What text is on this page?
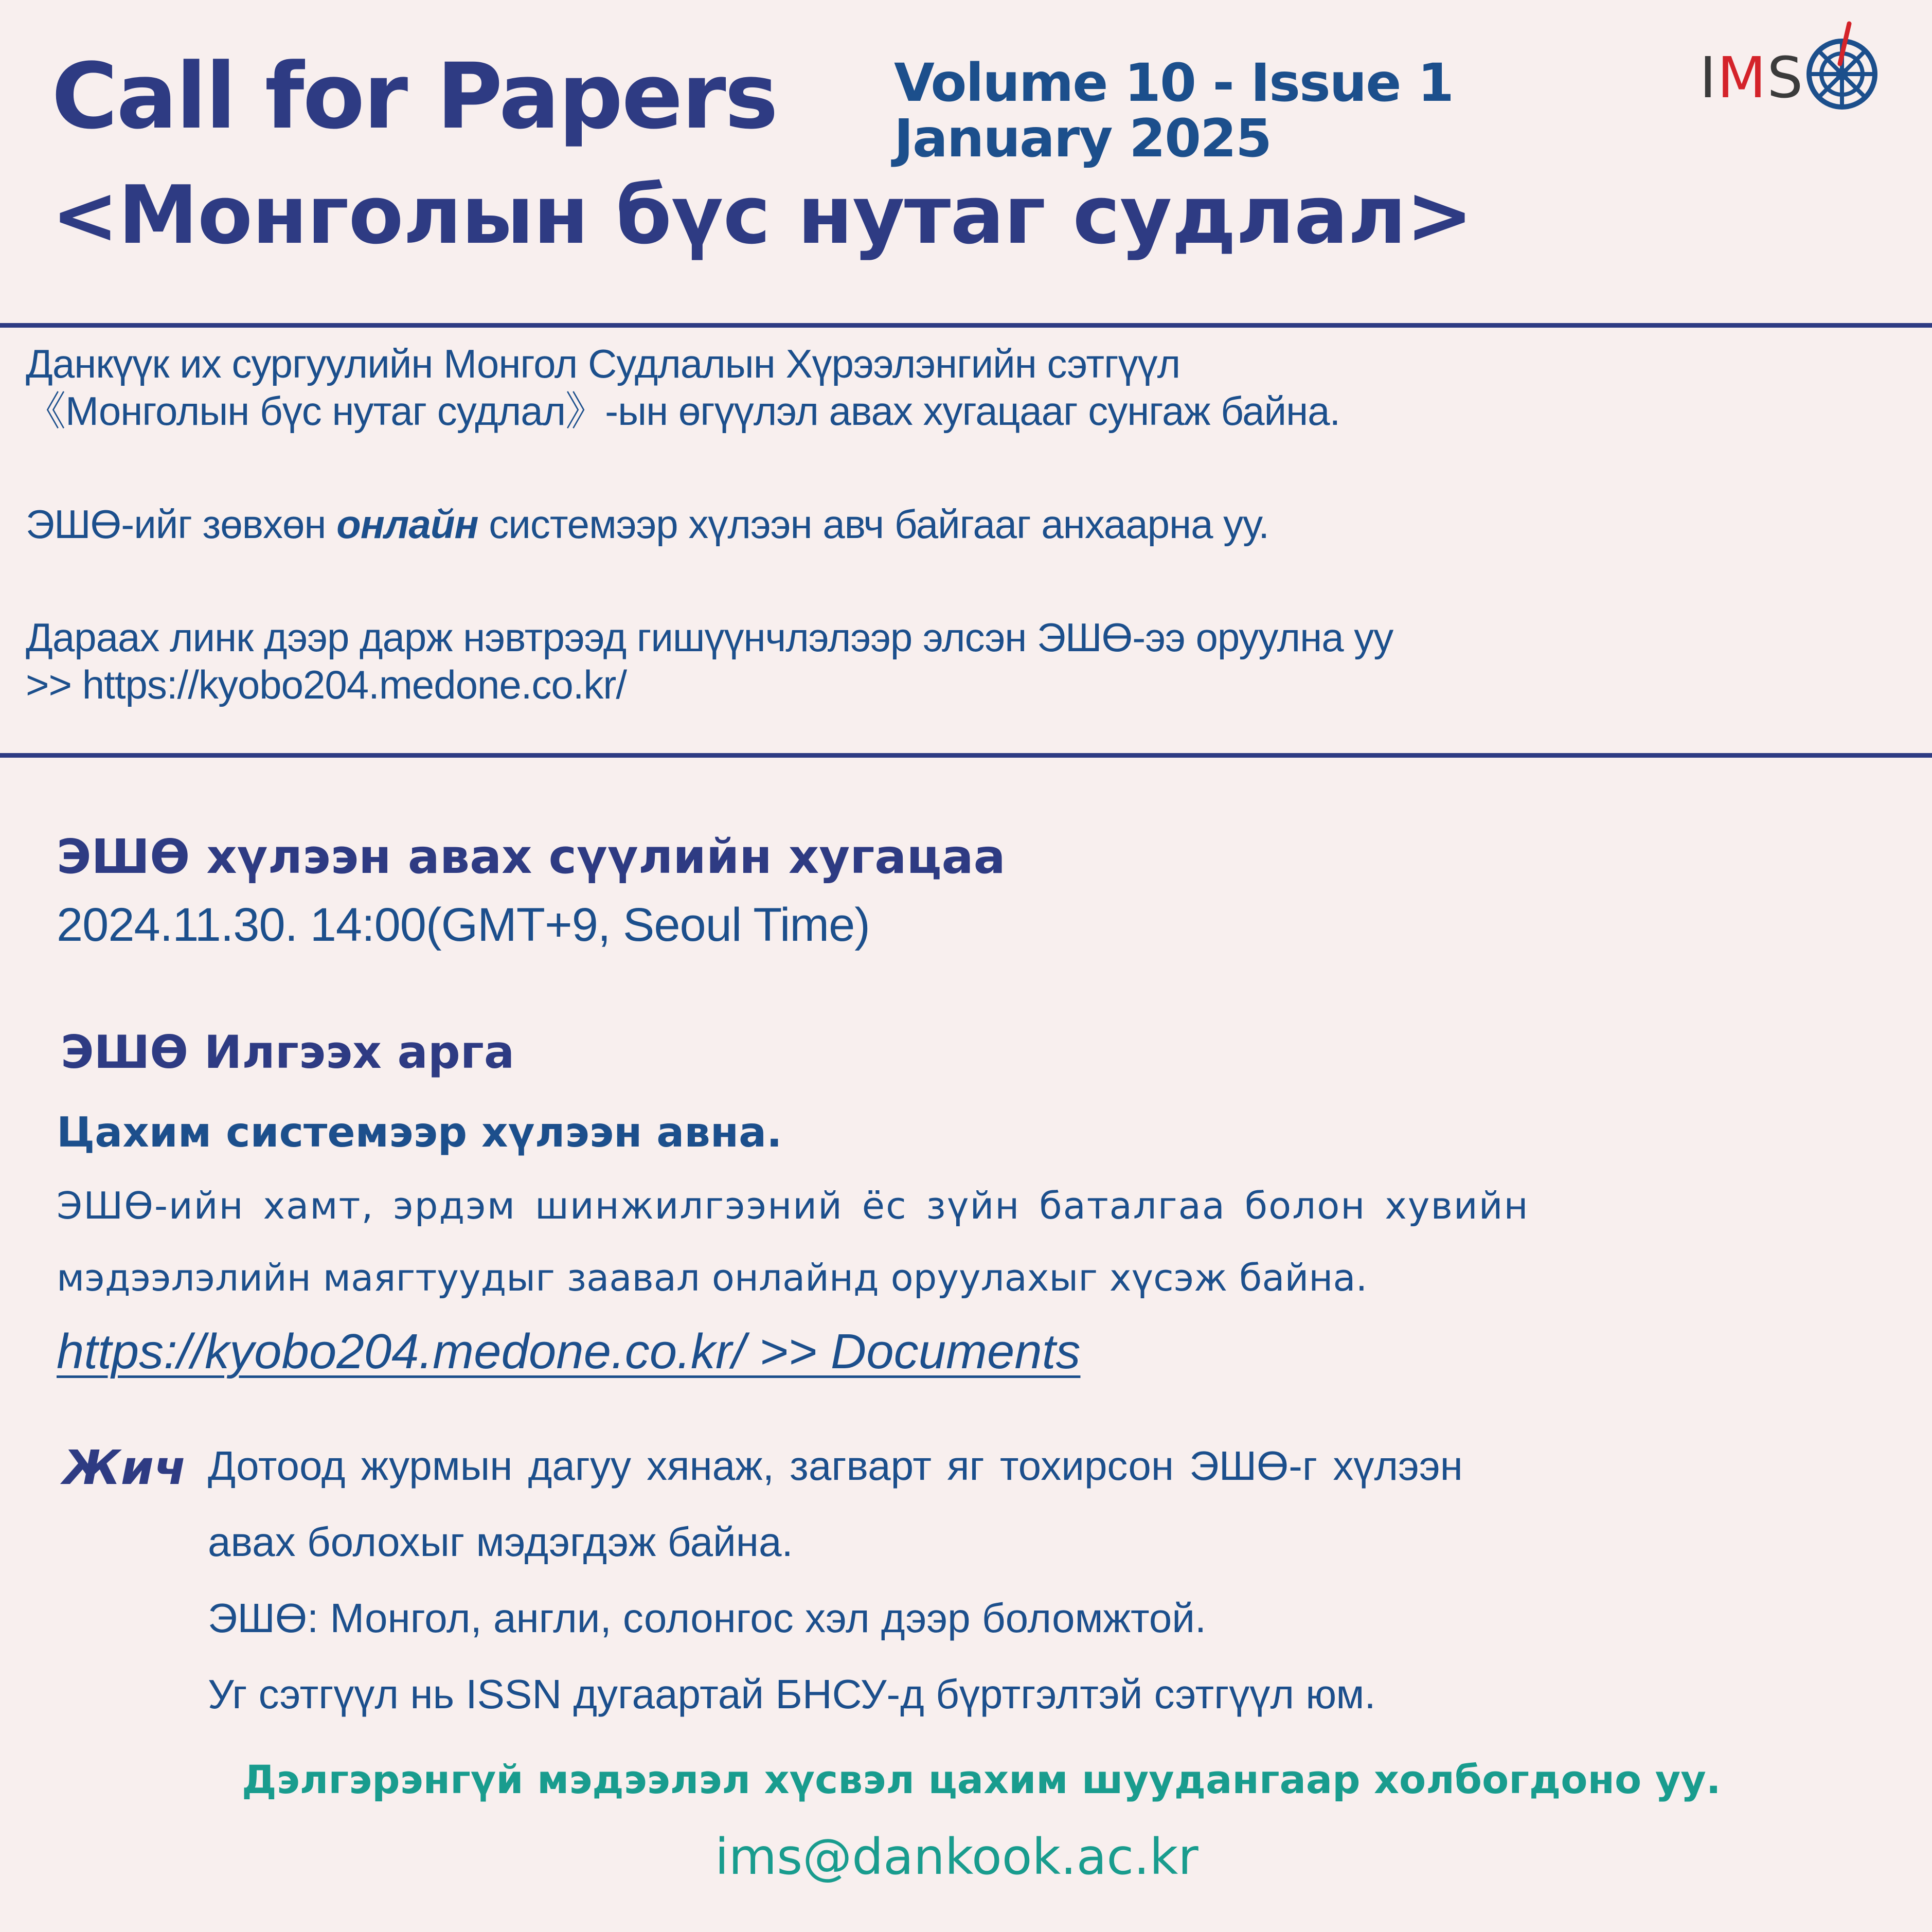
Call for Papers Volume 10 - Issue 1
January 2025
<Монголын бүс нутаг судлал>
IMS
Данкүүк их сургуулийн Монгол Судлалын Хүрээлэнгийн сэтгүүл
《Монголын бүс нутаг судлал》-ын өгүүлэл авах хугацааг сунгаж байна.
ЭШӨ-ийг зөвхөн онлайн системээр хүлээн авч байгааг анхаарна уу.
Дараах линк дээр дарж нэвтрээд гишүүнчлэлээр элсэн ЭШӨ-ээ оруулна уу
>> https://kyobo204.medone.co.kr/
ЭШӨ хүлээн авах сүүлийн хугацаа
2024.11.30. 14:00(GMT+9, Seoul Time)
ЭШӨ Илгээх арга
Цахим системээр хүлээн авна.
ЭШӨ-ийн хамт, эрдэм шинжилгээний ёс зүйн баталгаа болон хувийн
мэдээлэлийн маягтуудыг заавал онлайнд оруулахыг хүсэж байна.
https://kyobo204.medone.co.kr/ >> Documents
Жич Дотоод журмын дагуу хянаж, загварт яг тохирсон ЭШӨ-г хүлээн
авах болохыг мэдэгдэж байна.
ЭШӨ: Монгол, англи, солонгос хэл дээр боломжтой.
Уг сэтгүүл нь ISSN дугаартай БНСУ-д бүртгэлтэй сэтгүүл юм.
Дэлгэрэнгүй мэдээлэл хүсвэл цахим шуудангаар холбогдоно уу.
ims@dankook.ac.kr
